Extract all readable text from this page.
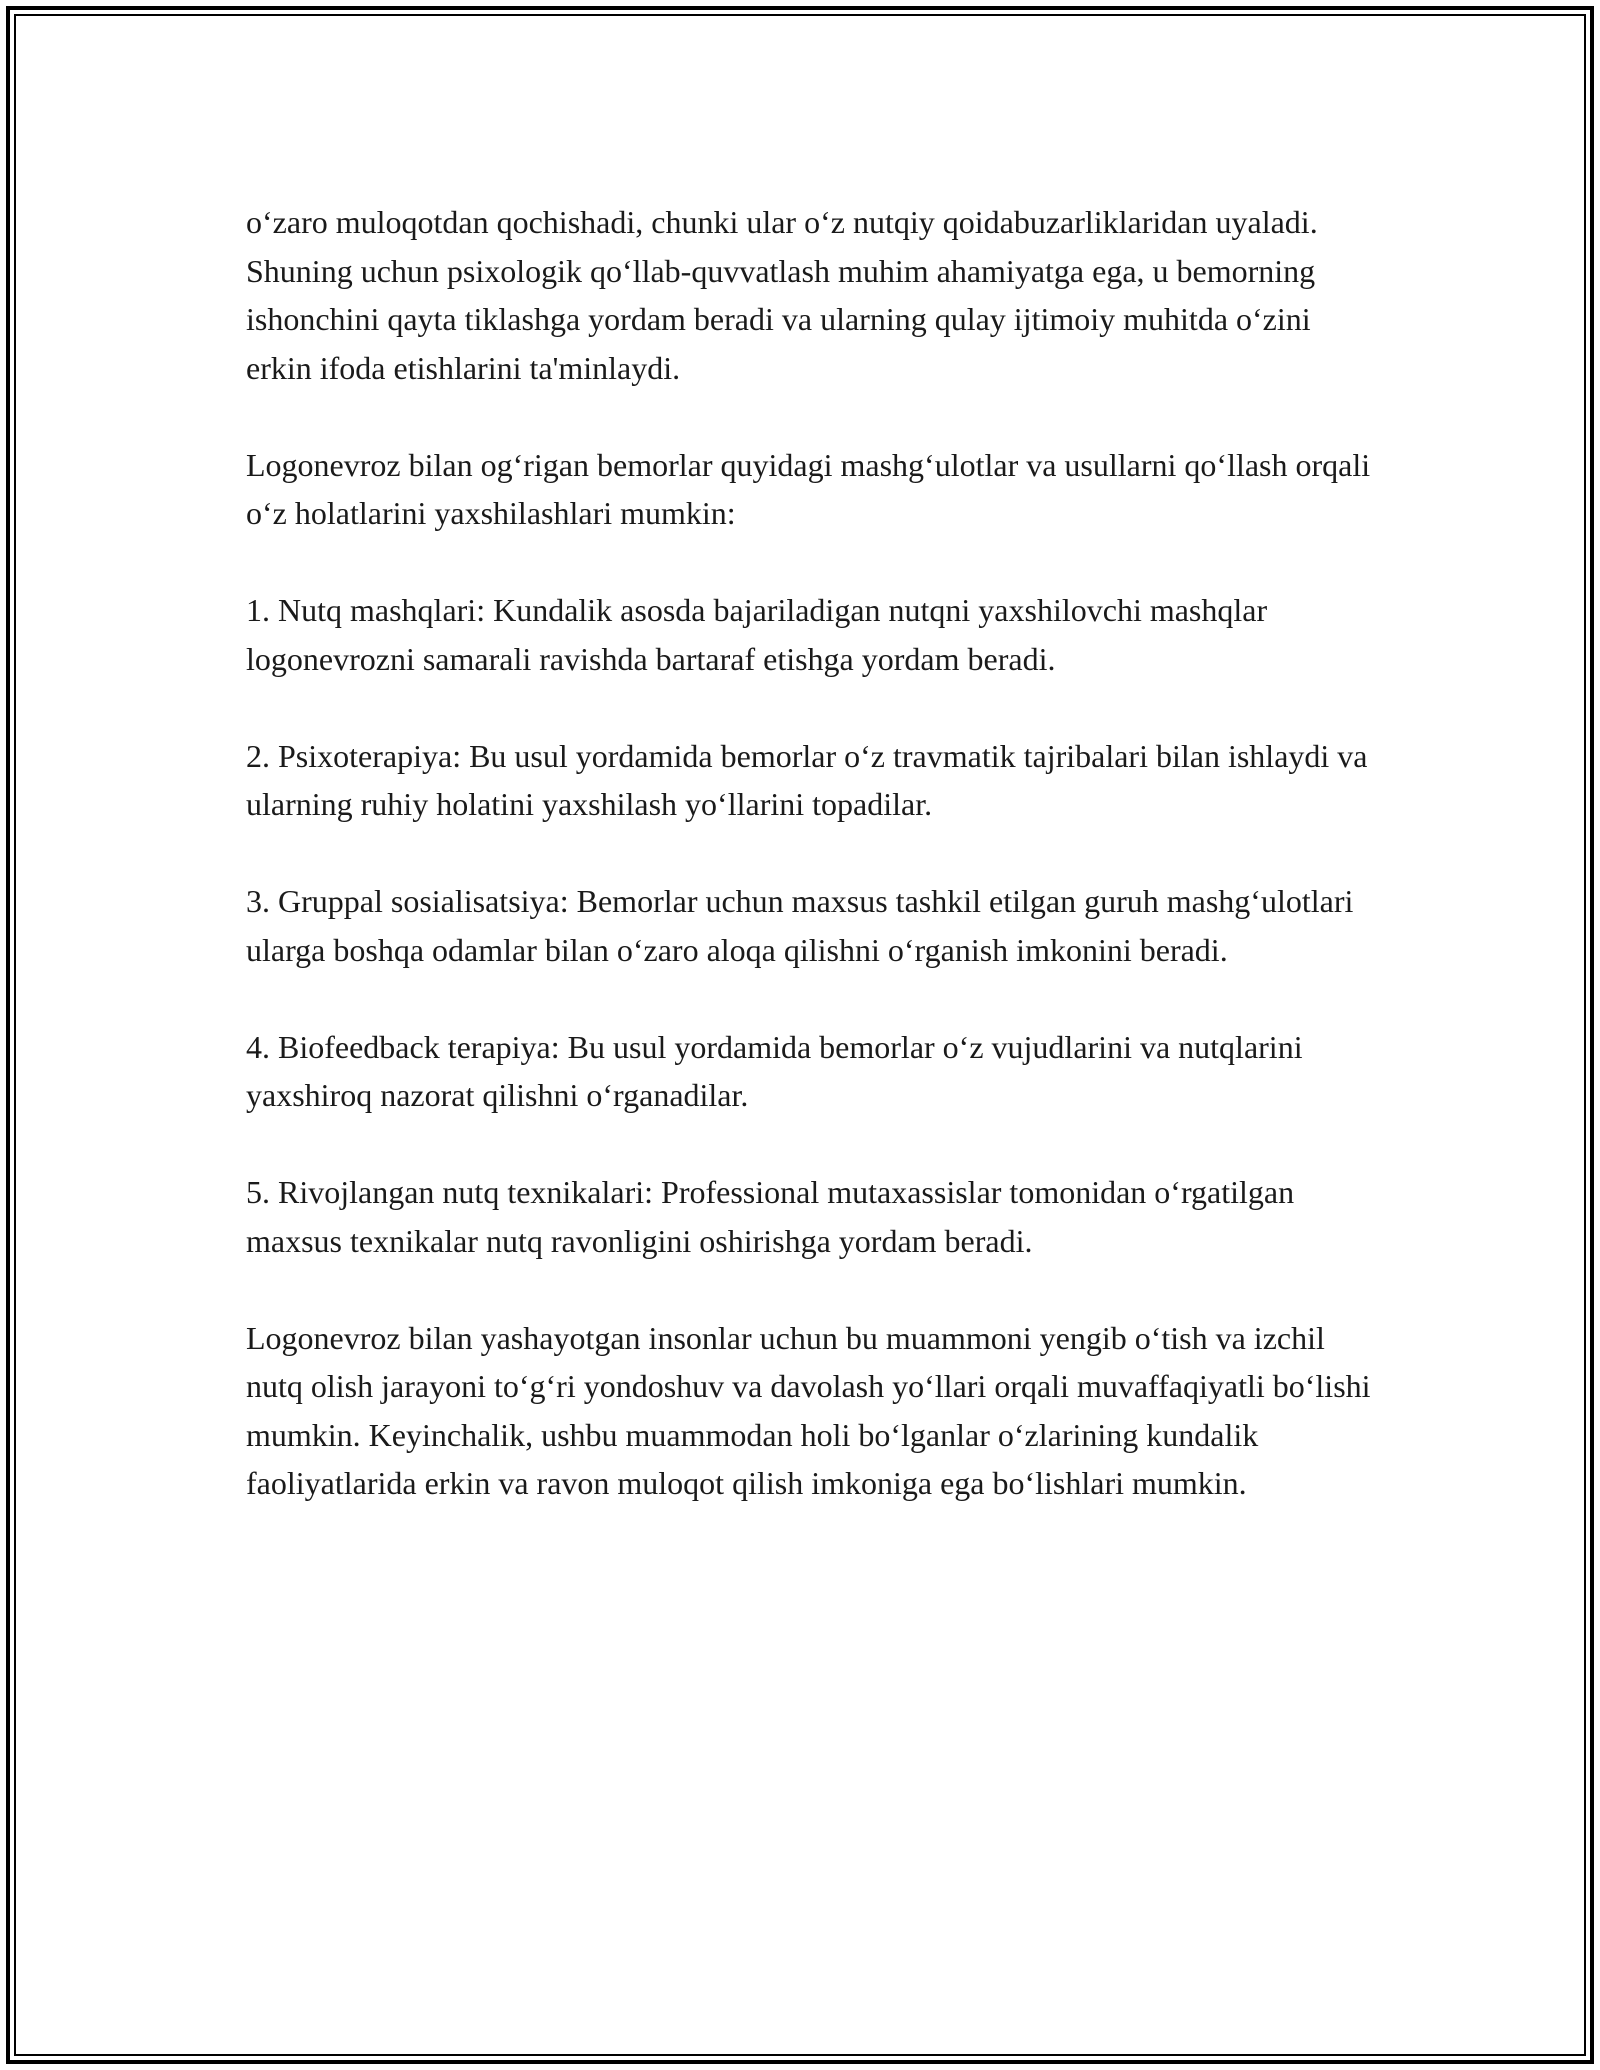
o‘zaro muloqotdan qochishadi, chunki ular o‘z nutqiy qoidabuzarliklaridan uyaladi. Shuning uchun psixologik qo‘llab-quvvatlash muhim ahamiyatga ega, u bemorning ishonchini qayta tiklashga yordam beradi va ularning qulay ijtimoiy muhitda o‘zini erkin ifoda etishlarini ta'minlaydi.

Logonevroz bilan og‘rigan bemorlar quyidagi mashg‘ulotlar va usullarni qo‘llash orqali o‘z holatlarini yaxshilashlari mumkin:

1. Nutq mashqlari: Kundalik asosda bajariladigan nutqni yaxshilovchi mashqlar logonevrozni samarali ravishda bartaraf etishga yordam beradi.

2. Psixoterapiya: Bu usul yordamida bemorlar o‘z travmatik tajribalari bilan ishlaydi va ularning ruhiy holatini yaxshilash yo‘llarini topadilar.

3. Gruppal sosialisatsiya: Bemorlar uchun maxsus tashkil etilgan guruh mashg‘ulotlari ularga boshqa odamlar bilan o‘zaro aloqa qilishni o‘rganish imkonini beradi.

4. Biofeedback terapiya: Bu usul yordamida bemorlar o‘z vujudlarini va nutqlarini yaxshiroq nazorat qilishni o‘rganadilar.

5. Rivojlangan nutq texnikalari: Professional mutaxassislar tomonidan o‘rgatilgan maxsus texnikalar nutq ravonligini oshirishga yordam beradi.

Logonevroz bilan yashayotgan insonlar uchun bu muammoni yengib o‘tish va izchil nutq olish jarayoni to‘g‘ri yondoshuv va davolash yo‘llari orqali muvaffaqiyatli bo‘lishi mumkin. Keyinchalik, ushbu muammodan holi bo‘lganlar o‘zlarining kundalik faoliyatlarida erkin va ravon muloqot qilish imkoniga ega bo‘lishlari mumkin.
